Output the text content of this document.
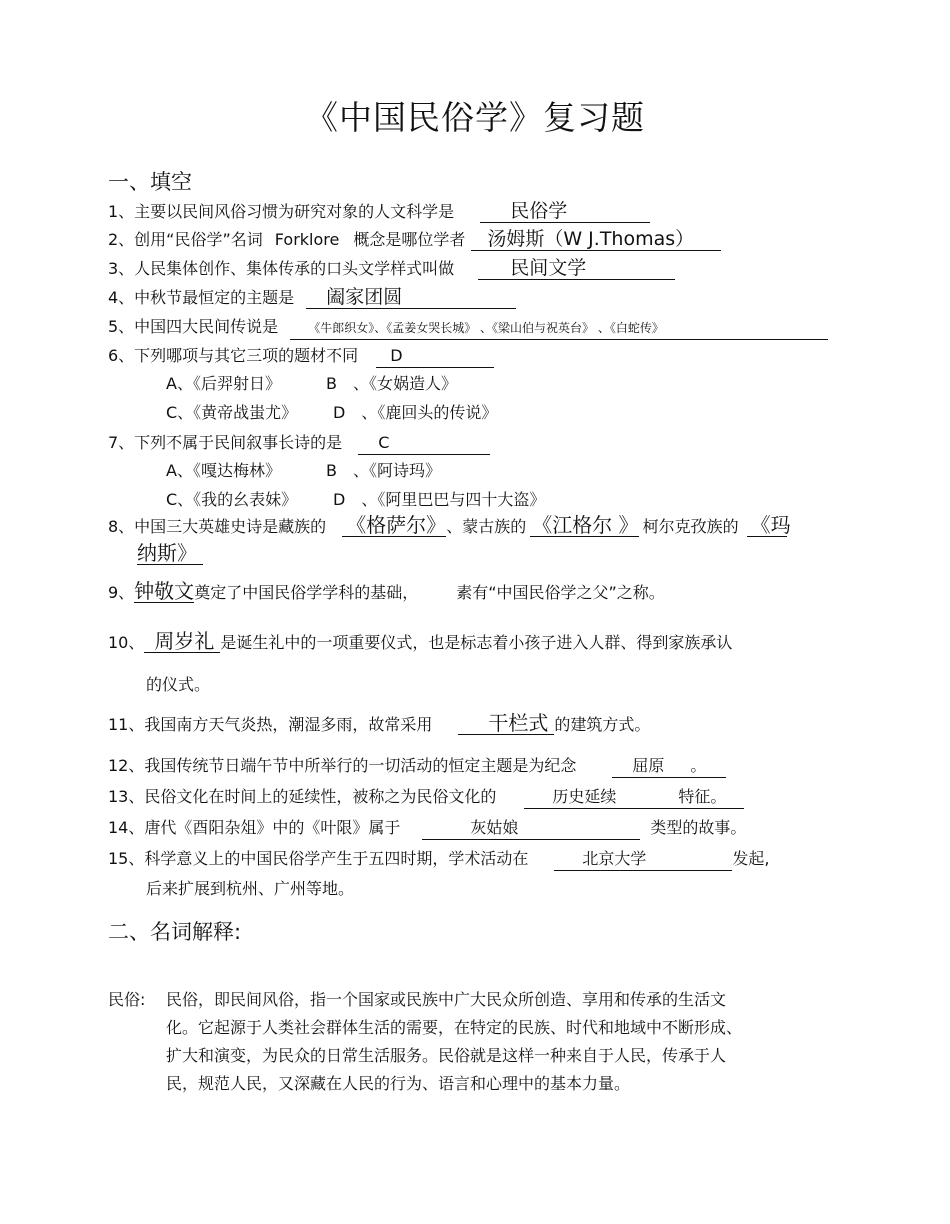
《中国民俗学》复习题
一、填空
1、主要以民间风俗习惯为研究对象的人文科学是	民俗学
2、创用“民俗学”名词 Forklore 概念是哪位学者 汤姆斯（W J.Thomas）
3、人民集体创作、集体传承的口头文学样式叫做	民间文学
4、中秋节最恒定的主题是 阖家团圆
5、中国四大民间传说是	《牛郎织女》、《孟姜女哭长城》 、《梁山伯与祝英台》 、《白蛇传》
6、下列哪项与其它三项的题材不同 D
A、《后羿射日》	B　、《女娲造人》
C、《黄帝战蚩尤》 D　、《鹿回头的传说》
7、下列不属于民间叙事长诗的是 C
A、《嘎达梅林》	B　、《阿诗玛》
C、《我的幺表妹》 D　、《阿里巴巴与四十大盗》
8、中国三大英雄史诗是藏族的 《格萨尔》、蒙古族的 《江格尔 》 柯尔克孜族的 《玛
纳斯》
9、钟敬文奠定了中国民俗学学科的基础， 素有“中国民俗学之父”之称。
10、 周岁礼 是诞生礼中的一项重要仪式，也是标志着小孩子进入人群、得到家族承认
的仪式。
11、我国南方天气炎热，潮湿多雨，故常采用	干栏式 的建筑方式。
12、我国传统节日端午节中所举行的一切活动的恒定主题是为纪念	屈原 。
13、民俗文化在时间上的延续性，被称之为民俗文化的	历史延续	特征。
14、唐代《酉阳杂俎》中的《叶限》属于	灰姑娘	类型的故事。
15、科学意义上的中国民俗学产生于五四时期，学术活动在	北京大学	发起,
后来扩展到杭州、广州等地。
二、名词解释:
民俗: 民俗，即民间风俗，指一个国家或民族中广大民众所创造、享用和传承的生活文
化。它起源于人类社会群体生活的需要，在特定的民族、时代和地域中不断形成、
扩大和演变，为民众的日常生活服务。民俗就是这样一种来自于人民，传承于人
民，规范人民，又深藏在人民的行为、语言和心理中的基本力量。
